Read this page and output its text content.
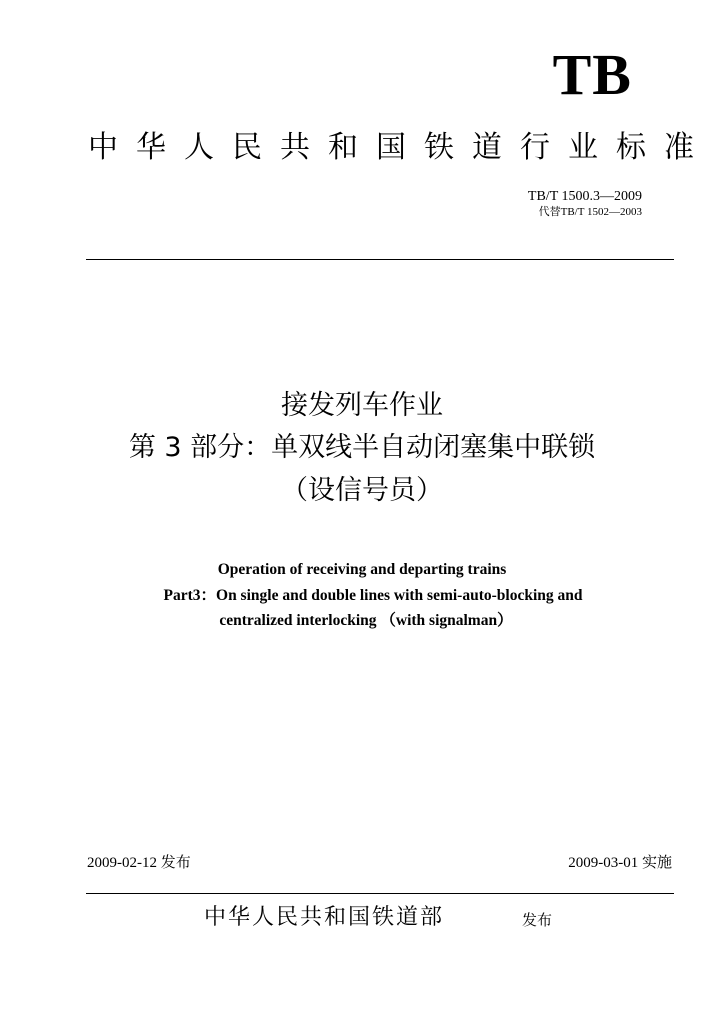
TB
中华人民共和国铁道行业标准
TB/T 1500.3—2009
代替TB/T 1502—2003
接发列车作业
第 3 部分：单双线半自动闭塞集中联锁
（设信号员）
Operation of receiving and departing trains
Part3：On single and double lines with semi-auto-blocking and
centralized interlocking （with signalman）
2009-02-12 发布	2009-03-01 实施
中华人民共和国铁道部	发布
